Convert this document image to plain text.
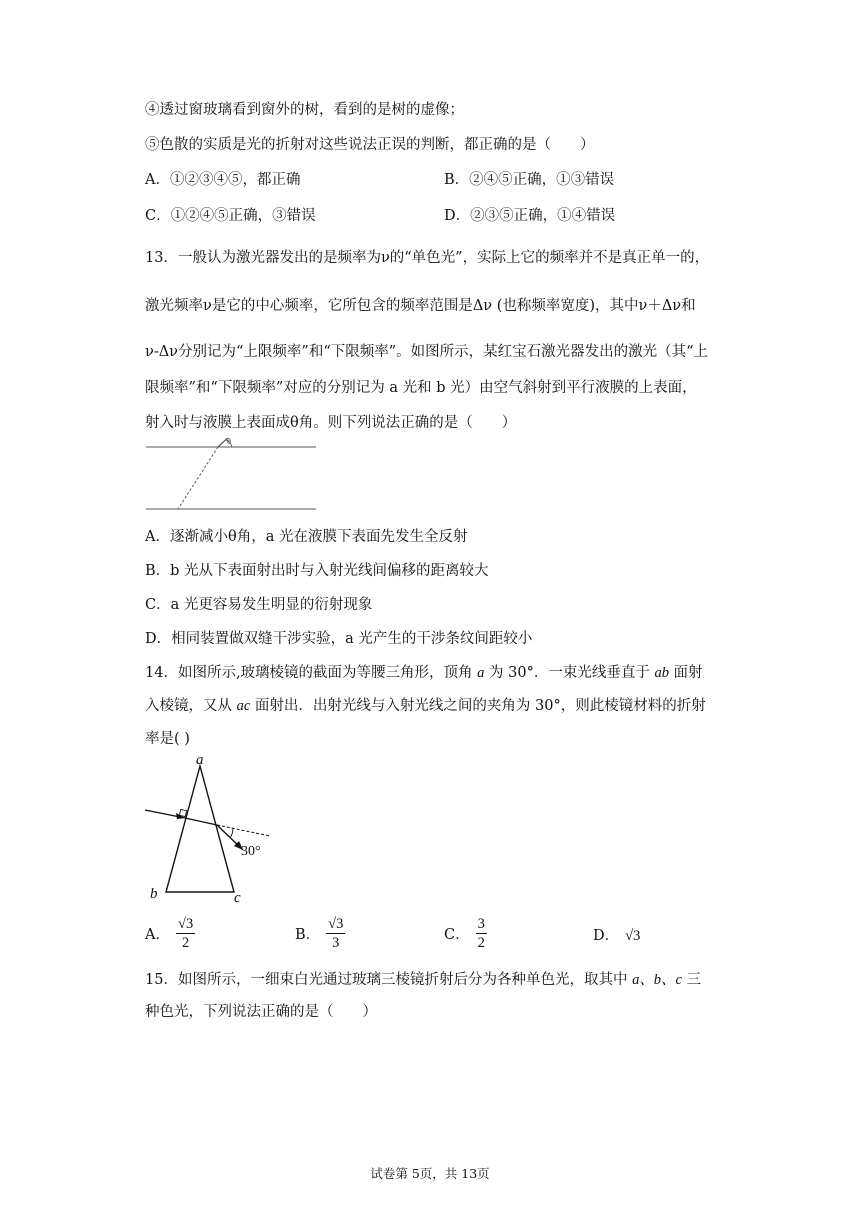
④透过窗玻璃看到窗外的树，看到的是树的虚像；
⑤色散的实质是光的折射对这些说法正误的判断，都正确的是（　　）
A．①②③④⑤，都正确	B．②④⑤正确，①③错误
C．①②④⑤正确，③错误	D．②③⑤正确，①④错误
13．一般认为激光器发出的是频率为ν的“单色光”，实际上它的频率并不是真正单一的，
激光频率ν是它的中心频率，它所包含的频率范围是Δν (也称频率宽度)，其中ν＋Δν和
ν-Δν分别记为“上限频率”和“下限频率”。如图所示，某红宝石激光器发出的激光（其“上
限频率”和“下限频率”对应的分别记为 a 光和 b 光）由空气斜射到平行液膜的上表面，
射入时与液膜上表面成θ角。则下列说法正确的是（　　）
θ
A．逐渐减小θ角，a 光在液膜下表面先发生全反射
B．b 光从下表面射出时与入射光线间偏移的距离较大
C．a 光更容易发生明显的衍射现象
D．相同装置做双缝干涉实验，a 光产生的干涉条纹间距较小
14．如图所示,玻璃棱镜的截面为等腰三角形，顶角 a 为 30°．一束光线垂直于 ab 面射
入棱镜，又从 ac 面射出．出射光线与入射光线之间的夹角为 30°，则此棱镜材料的折射
率是( )
a
b	c
30°
A． $\frac{√3}{2}$	B． $\frac{√3}{3}$	C． $\frac{3}{2}$	D． √3
15．如图所示，一细束白光通过玻璃三棱镜折射后分为各种单色光，取其中 a、b、c 三
种色光，下列说法正确的是（　　）
试卷第 5页，共 13页
